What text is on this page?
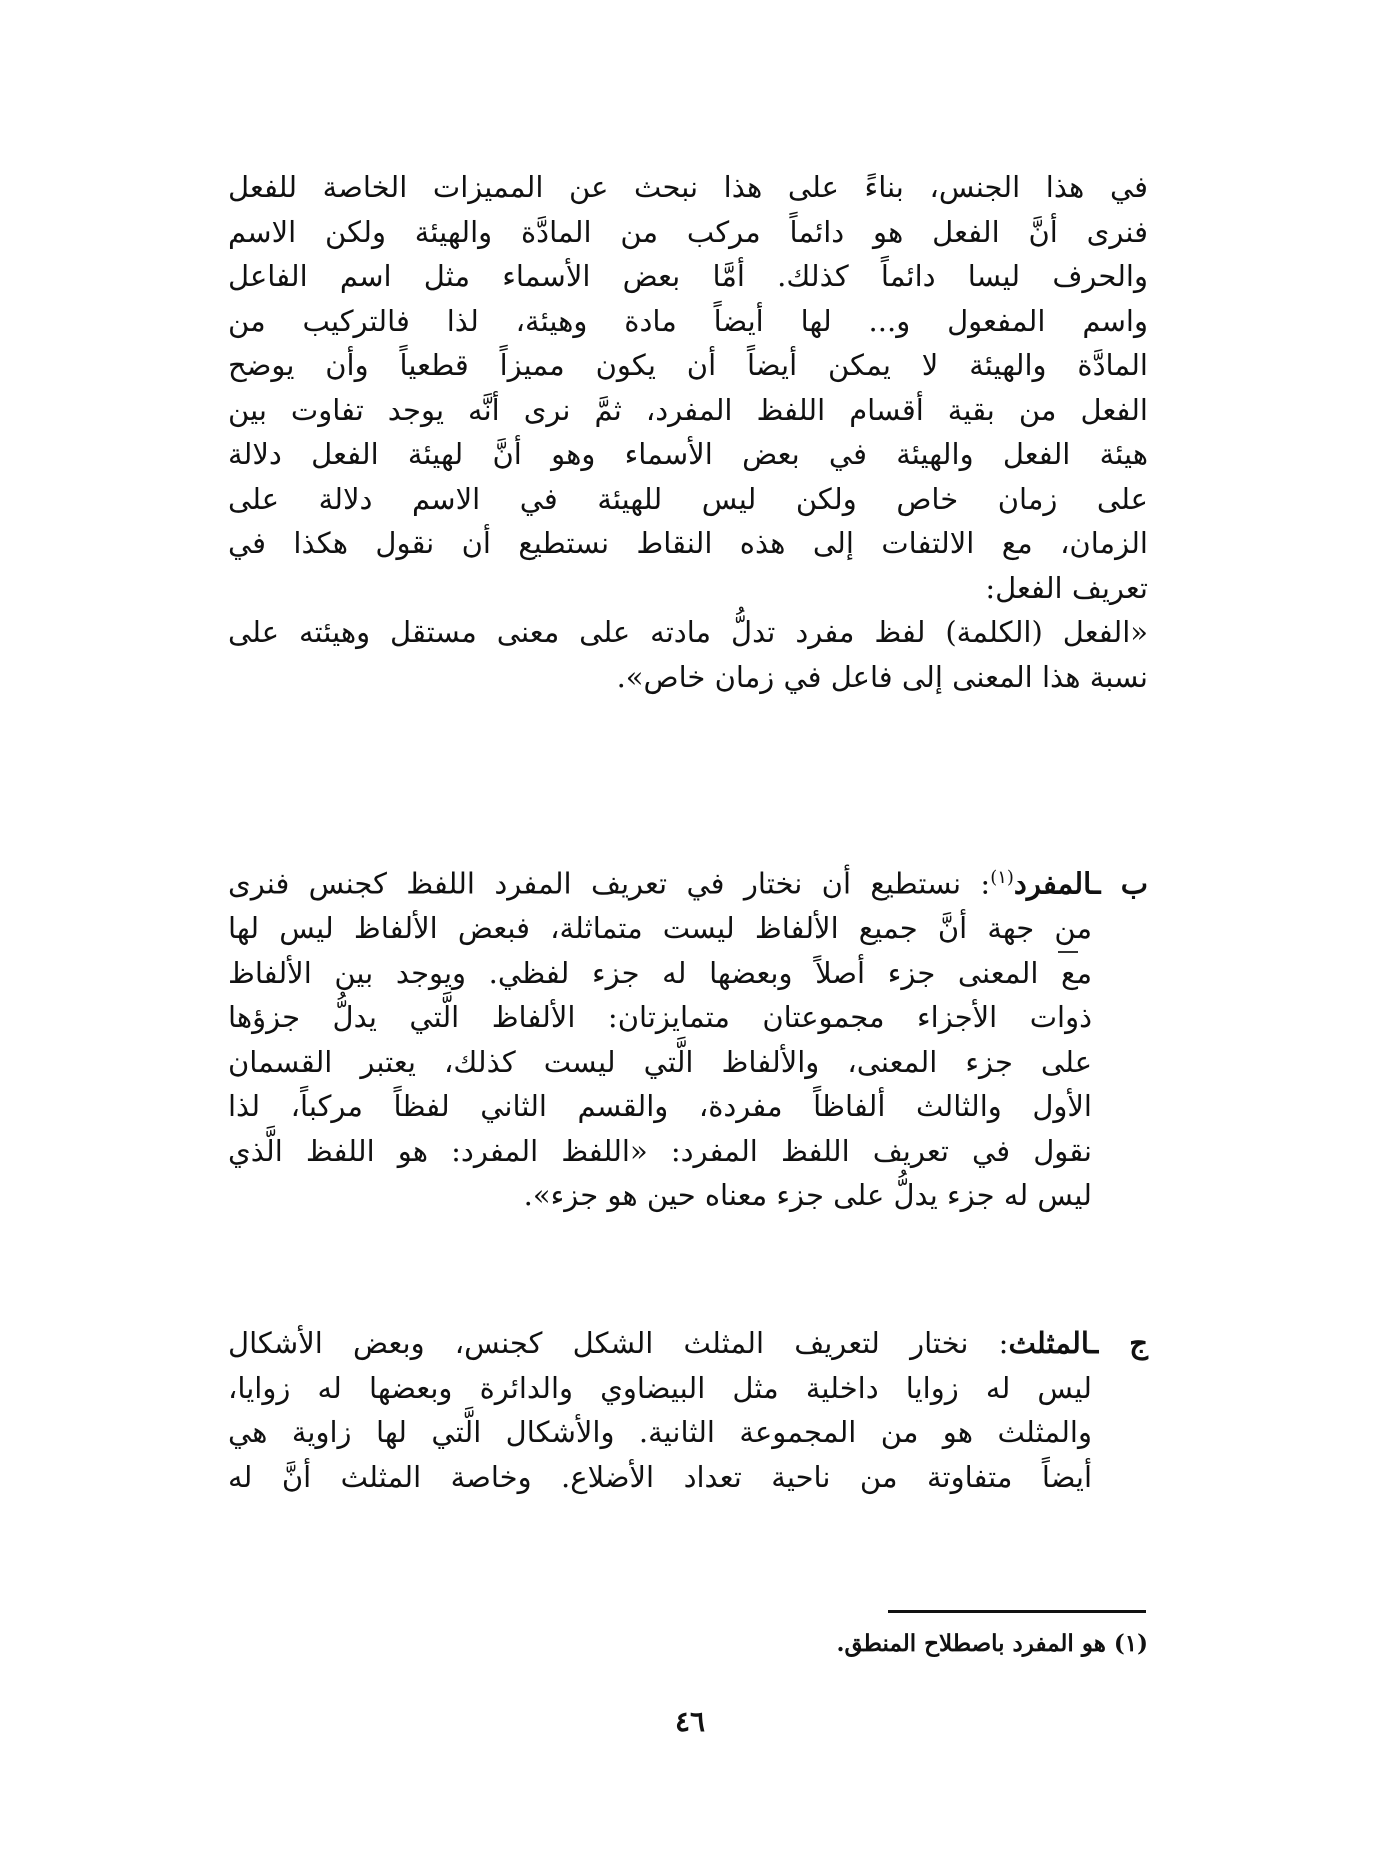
في هذا الجنس، بناءً على هذا نبحث عن المميزات الخاصة للفعل
فنرى أنَّ الفعل هو دائماً مركب من المادَّة والهيئة ولكن الاسم
والحرف ليسا دائماً كذلك. أمَّا بعض الأسماء مثل اسم الفاعل
واسم المفعول و... لها أيضاً مادة وهيئة، لذا فالتركيب من
المادَّة والهيئة لا يمكن أيضاً أن يكون مميزاً قطعياً وأن يوضح
الفعل من بقية أقسام اللفظ المفرد، ثمَّ نرى أنَّه يوجد تفاوت بين
هيئة الفعل والهيئة في بعض الأسماء وهو أنَّ لهيئة الفعل دلالة
على زمان خاص ولكن ليس للهيئة في الاسم دلالة على
الزمان، مع الالتفات إلى هذه النقاط نستطيع أن نقول هكذا في
تعريف الفعل:
«الفعل (الكلمة) لفظ مفرد تدلُّ مادته على معنى مستقل وهيئته على
نسبة هذا المعنى إلى فاعل في زمان خاص».
ب ـالمفرد$^{(١)}$: نستطيع أن نختار في تعريف المفرد اللفظ كجنس فنرى
من جهة أنَّ جميع الألفاظ ليست متماثلة، فبعض الألفاظ ليس لها
مع المعنى جزء أصلاً وبعضها له جزء لفظي. ويوجد بين الألفاظ
ذوات الأجزاء مجموعتان متمايزتان: الألفاظ الَّتي يدلُّ جزؤها
على جزء المعنى، والألفاظ الَّتي ليست كذلك، يعتبر القسمان
الأول والثالث ألفاظاً مفردة، والقسم الثاني لفظاً مركباً، لذا
نقول في تعريف اللفظ المفرد: «اللفظ المفرد: هو اللفظ الَّذي
ليس له جزء يدلُّ على جزء معناه حين هو جزء».
ج ـالمثلث: نختار لتعريف المثلث الشكل كجنس، وبعض الأشكال
ليس له زوايا داخلية مثل البيضاوي والدائرة وبعضها له زوايا،
والمثلث هو من المجموعة الثانية. والأشكال الَّتي لها زاوية هي
أيضاً متفاوتة من ناحية تعداد الأضلاع. وخاصة المثلث أنَّ له
(١) هو المفرد باصطلاح المنطق.
٤٦
